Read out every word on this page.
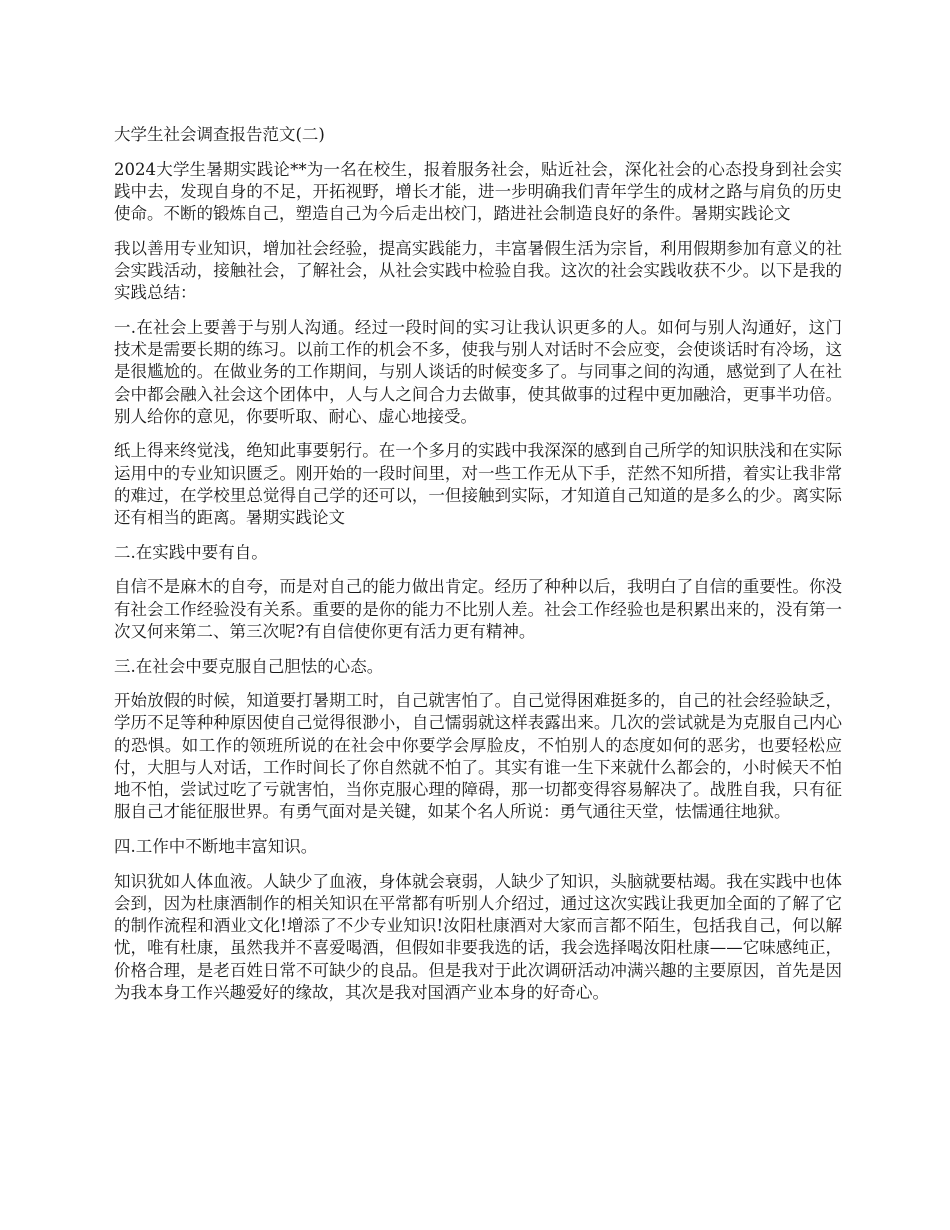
大学生社会调查报告范文(二)

2024大学生暑期实践论**为一名在校生，报着服务社会，贴近社会，深化社会的心态投身到社会实践中去，发现自身的不足，开拓视野，增长才能，进一步明确我们青年学生的成材之路与肩负的历史使命。不断的锻炼自己，塑造自己为今后走出校门，踏进社会制造良好的条件。暑期实践论文

我以善用专业知识，增加社会经验，提高实践能力，丰富暑假生活为宗旨，利用假期参加有意义的社会实践活动，接触社会，了解社会，从社会实践中检验自我。这次的社会实践收获不少。以下是我的实践总结：

一.在社会上要善于与别人沟通。经过一段时间的实习让我认识更多的人。如何与别人沟通好，这门技术是需要长期的练习。以前工作的机会不多，使我与别人对话时不会应变，会使谈话时有冷场，这是很尴尬的。在做业务的工作期间，与别人谈话的时候变多了。与同事之间的沟通，感觉到了人在社会中都会融入社会这个团体中，人与人之间合力去做事，使其做事的过程中更加融洽，更事半功倍。别人给你的意见，你要听取、耐心、虚心地接受。

纸上得来终觉浅，绝知此事要躬行。在一个多月的实践中我深深的感到自己所学的知识肤浅和在实际运用中的专业知识匮乏。刚开始的一段时间里，对一些工作无从下手，茫然不知所措，着实让我非常的难过，在学校里总觉得自己学的还可以，一但接触到实际，才知道自己知道的是多么的少。离实际还有相当的距离。暑期实践论文

二.在实践中要有自。

自信不是麻木的自夸，而是对自己的能力做出肯定。经历了种种以后，我明白了自信的重要性。你没有社会工作经验没有关系。重要的是你的能力不比别人差。社会工作经验也是积累出来的，没有第一次又何来第二、第三次呢?有自信使你更有活力更有精神。

三.在社会中要克服自己胆怯的心态。

开始放假的时候，知道要打暑期工时，自己就害怕了。自己觉得困难挺多的，自己的社会经验缺乏，学历不足等种种原因使自己觉得很渺小，自己懦弱就这样表露出来。几次的尝试就是为克服自己内心的恐惧。如工作的领班所说的在社会中你要学会厚脸皮，不怕别人的态度如何的恶劣，也要轻松应付，大胆与人对话，工作时间长了你自然就不怕了。其实有谁一生下来就什么都会的，小时候天不怕地不怕，尝试过吃了亏就害怕，当你克服心理的障碍，那一切都变得容易解决了。战胜自我，只有征服自己才能征服世界。有勇气面对是关键，如某个名人所说：勇气通往天堂，怯懦通往地狱。

四.工作中不断地丰富知识。

知识犹如人体血液。人缺少了血液，身体就会衰弱，人缺少了知识，头脑就要枯竭。我在实践中也体会到，因为杜康酒制作的相关知识在平常都有听别人介绍过，通过这次实践让我更加全面的了解了它的制作流程和酒业文化!增添了不少专业知识!汝阳杜康酒对大家而言都不陌生，包括我自己，何以解忧，唯有杜康，虽然我并不喜爱喝酒，但假如非要我选的话，我会选择喝汝阳杜康——它味感纯正，价格合理，是老百姓日常不可缺少的良品。但是我对于此次调研活动冲满兴趣的主要原因，首先是因为我本身工作兴趣爱好的缘故，其次是我对国酒产业本身的好奇心。
